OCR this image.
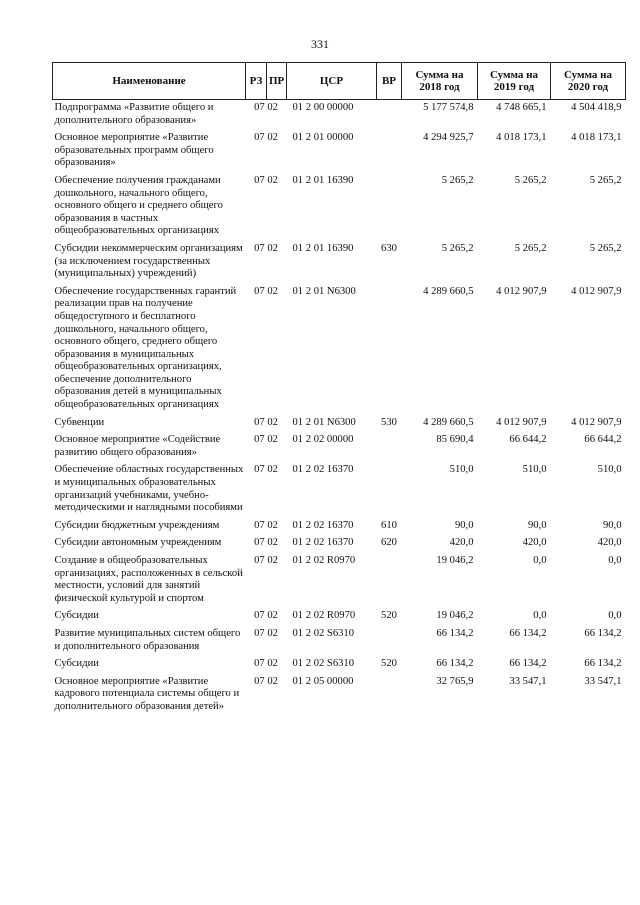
331
Наименование	РЗ	ПР	ЦСР	ВР	Сумма на 2018 год	Сумма на 2019 год	Сумма на 2020 год
Подпрограмма «Развитие общего и дополнительного образования»	07 02		01 2 00 00000		5 177 574,8	4 748 665,1	4 504 418,9
Основное мероприятие «Развитие образовательных программ общего образования»	07 02		01 2 01 00000		4 294 925,7	4 018 173,1	4 018 173,1
Обеспечение получения гражданами дошкольного, начального общего, основного общего и среднего общего образования в частных общеобразовательных организациях	07 02		01 2 01 16390		5 265,2	5 265,2	5 265,2
Субсидии некоммерческим организациям (за исключением государственных (муниципальных) учреждений)	07 02		01 2 01 16390	630	5 265,2	5 265,2	5 265,2
Обеспечение государственных гарантий реализации прав на получение общедоступного и бесплатного дошкольного, начального общего, основного общего, среднего общего образования в муниципальных общеобразовательных организациях, обеспечение дополнительного образования детей в муниципальных общеобразовательных организациях	07 02		01 2 01 N6300		4 289 660,5	4 012 907,9	4 012 907,9
Субвенции	07 02		01 2 01 N6300	530	4 289 660,5	4 012 907,9	4 012 907,9
Основное мероприятие «Содействие развитию общего образования»	07 02		01 2 02 00000		85 690,4	66 644,2	66 644,2
Обеспечение областных государственных и муниципальных образовательных организаций учебниками, учебно-методическими и наглядными пособиями	07 02		01 2 02 16370		510,0	510,0	510,0
Субсидии бюджетным учреждениям	07 02		01 2 02 16370	610	90,0	90,0	90,0
Субсидии автономным учреждениям	07 02		01 2 02 16370	620	420,0	420,0	420,0
Создание в общеобразовательных организациях, расположенных в сельской местности, условий для занятий физической культурой и спортом	07 02		01 2 02 R0970		19 046,2	0,0	0,0
Субсидии	07 02		01 2 02 R0970	520	19 046,2	0,0	0,0
Развитие муниципальных систем общего и дополнительного образования	07 02		01 2 02 S6310		66 134,2	66 134,2	66 134,2
Субсидии	07 02		01 2 02 S6310	520	66 134,2	66 134,2	66 134,2
Основное мероприятие «Развитие кадрового потенциала системы общего и дополнительного образования детей»	07 02		01 2 05 00000		32 765,9	33 547,1	33 547,1
